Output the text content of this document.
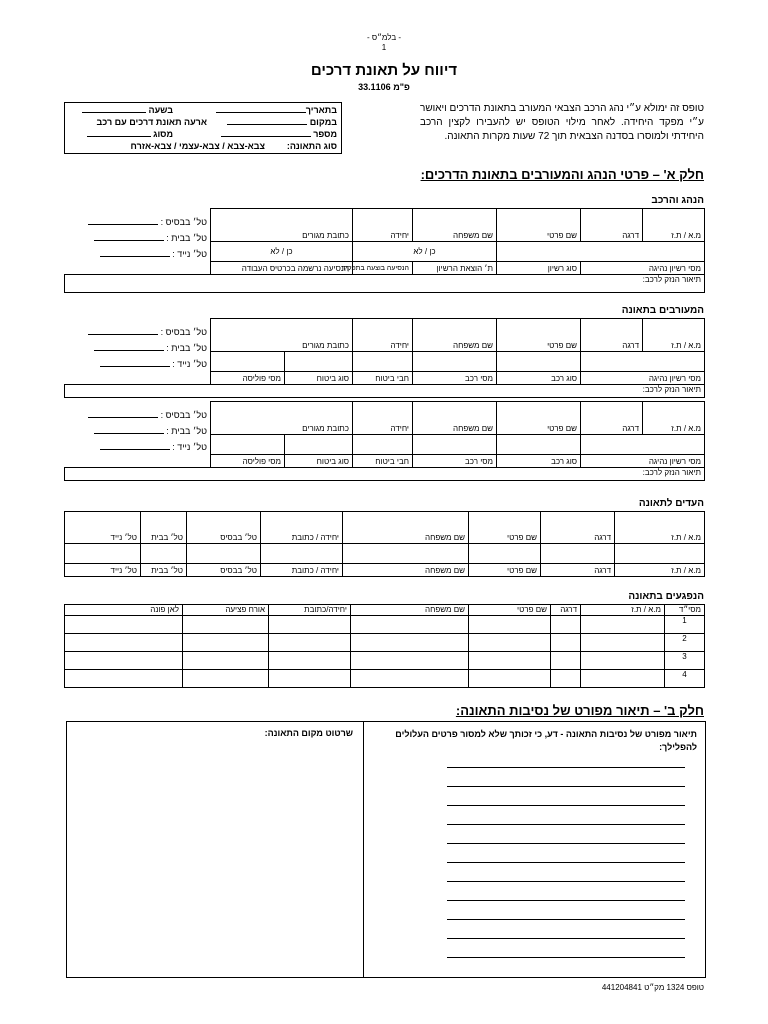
- בלמ״ס -
1
דיווח על תאונת דרכים
פ"מ 33.1106
טופס זה ימולא ע״י נהג הרכב הצבאי המעורב בתאונת הדרכים ויאושר ע״י מפקד היחידה. לאחר מילוי הטופס יש להעבירו לקצין הרכב היחידתי ולמוסרו בסדנה הצבאית תוך 72 שעות מקרות התאונה.
בתאריך
בשעה
במקום
ארעה תאונת דרכים עם רכב
מספר
מסוג
סוג התאונה:
צבא-צבא / צבא-עצמי / צבא-אזרח
חלק א' – פרטי הנהג והמעורבים בתאונת הדרכים:
הנהג והרכב
מ.א / ת.ז	דרגה	שם פרטי	שם משפחה	יחידה	כתובת מגורים	טל׳ בבסיס :
טל׳ בבית :
טל׳ נייד :

			כן / לא		כן / לא	
מסי רשיון נהיגה		סוג רשיון	ת׳ הוצאת הרשיון	הנסיעה בוצעה בתפקיד	הנסיעה נרשמה בכרטיס העבודה	
תיאור הנזק לרכב:						
המעורבים בתאונה
מ.א / ת.ז	דרגה	שם פרטי	שם משפחה	יחידה	כתובת מגורים		טל׳ בבסיס :
טל׳ בבית :
טל׳ נייד :

מסי רשיון נהיגה		סוג רכב	מסי רכב	חבי ביטוח	סוג ביטוח	מסי פוליסה	
תיאור הנזק לרכב:							
מ.א / ת.ז	דרגה	שם פרטי	שם משפחה	יחידה	כתובת מגורים		טל׳ בבסיס :
טל׳ בבית :
טל׳ נייד :

מסי רשיון נהיגה		סוג רכב	מסי רכב	חבי ביטוח	סוג ביטוח	מסי פוליסה	
תיאור הנזק לרכב:							
העדים לתאונה
מ.א / ת.ז	דרגה	שם פרטי	שם משפחה	יחידה / כתובת	טל׳ בבסיס	טל׳ בבית	טל׳ נייד

מ.א / ת.ז	דרגה	שם פרטי	שם משפחה	יחידה / כתובת	טל׳ בבסיס	טל׳ בבית	טל׳ נייד
הנפגעים בתאונה
מסי״ד	מ.א / ת.ז	דרגה	שם פרטי	שם משפחה	יחידה/כתובת	אורח פציעה	לאן פונה
1							
2							
3							
4							
חלק ב' – תיאור מפורט של נסיבות התאונה:
תיאור מפורט של נסיבות התאונה - דע, כי זכותך שלא למסור פרטים העלולים להפלילך:
שרטוט מקום התאונה:
טופס 1324 מק״ט 441204841
